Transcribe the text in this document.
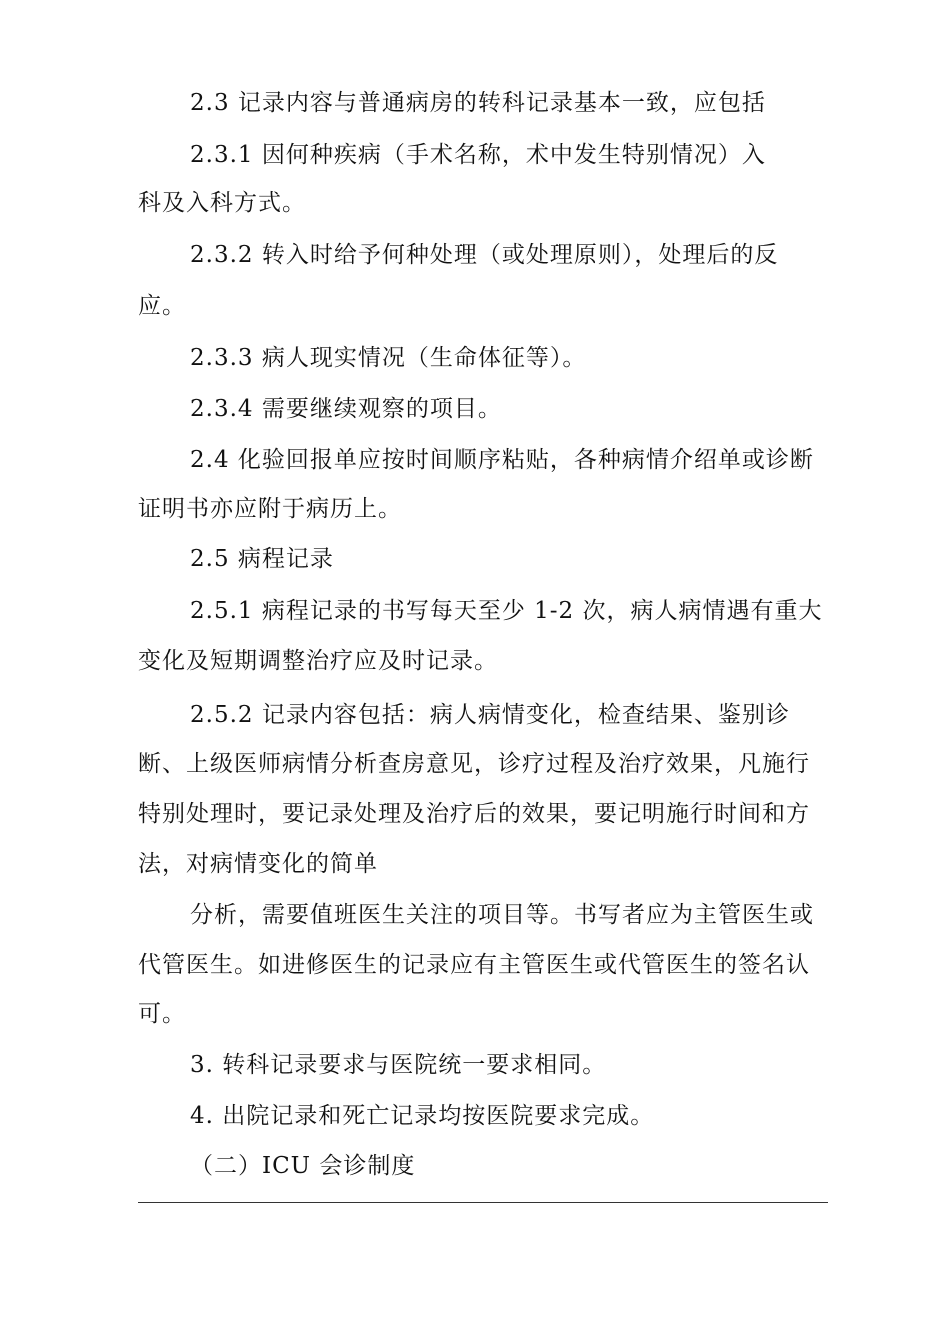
2.3 记录内容与普通病房的转科记录基本一致，应包括
2.3.1 因何种疾病（手术名称，术中发生特别情况）入
科及入科方式。
2.3.2 转入时给予何种处理（或处理原则），处理后的反
应。
2.3.3 病人现实情况（生命体征等）。
2.3.4 需要继续观察的项目。
2.4 化验回报单应按时间顺序粘贴，各种病情介绍单或诊断
证明书亦应附于病历上。
2.5 病程记录
2.5.1 病程记录的书写每天至少 1-2 次，病人病情遇有重大
变化及短期调整治疗应及时记录。
2.5.2 记录内容包括：病人病情变化，检查结果、鉴别诊
断、上级医师病情分析查房意见，诊疗过程及治疗效果，凡施行
特别处理时，要记录处理及治疗后的效果，要记明施行时间和方
法，对病情变化的简单
分析，需要值班医生关注的项目等。书写者应为主管医生或
代管医生。如进修医生的记录应有主管医生或代管医生的签名认
可。
3. 转科记录要求与医院统一要求相同。
4. 出院记录和死亡记录均按医院要求完成。
（二）ICU 会诊制度
